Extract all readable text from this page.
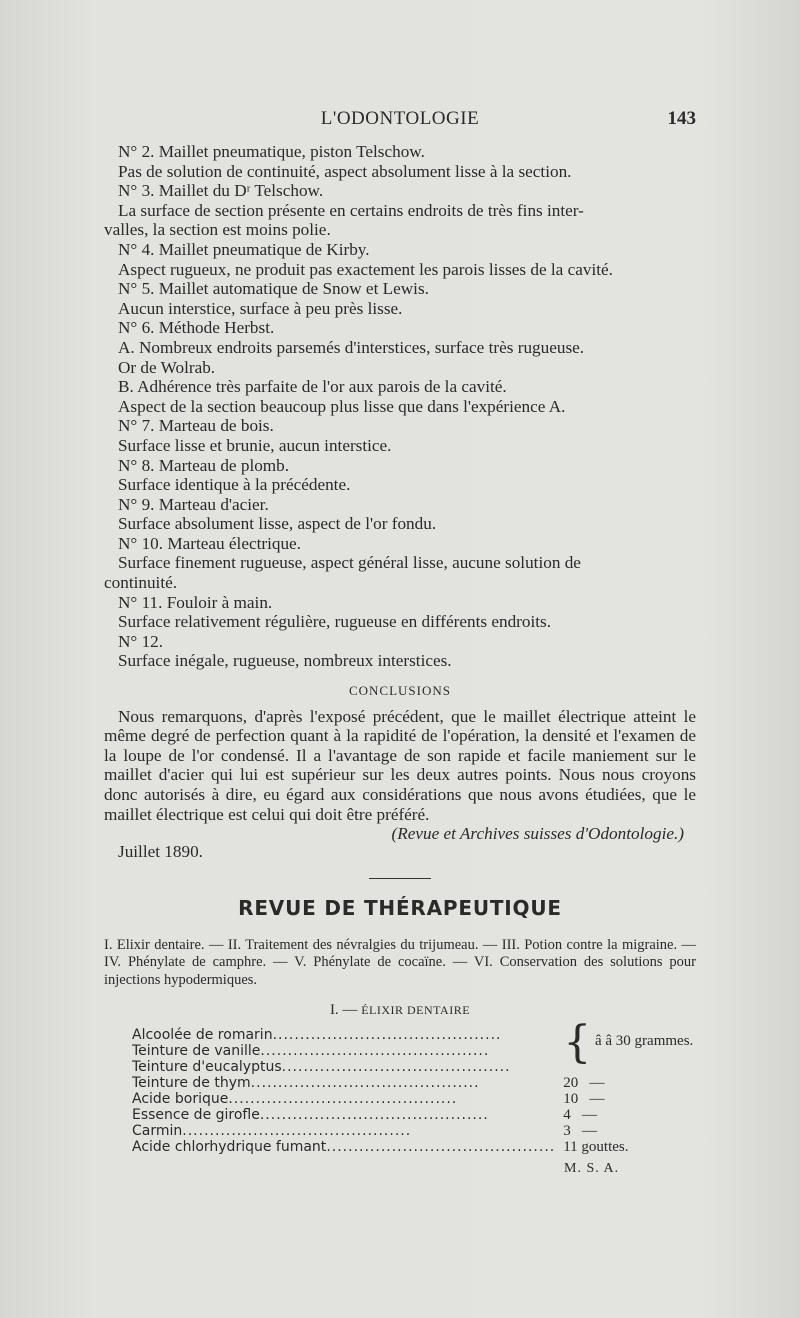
L'ODONTOLOGIE	143
N° 2. Maillet pneumatique, piston Telschow.
Pas de solution de continuité, aspect absolument lisse à la section.
N° 3. Maillet du Dʳ Telschow.
La surface de section présente en certains endroits de très fins inter-
valles, la section est moins polie.
N° 4. Maillet pneumatique de Kirby.
Aspect rugueux, ne produit pas exactement les parois lisses de la cavité.
N° 5. Maillet automatique de Snow et Lewis.
Aucun interstice, surface à peu près lisse.
N° 6. Méthode Herbst.
A. Nombreux endroits parsemés d'interstices, surface très rugueuse.
Or de Wolrab.
B. Adhérence très parfaite de l'or aux parois de la cavité.
Aspect de la section beaucoup plus lisse que dans l'expérience A.
N° 7. Marteau de bois.
Surface lisse et brunie, aucun interstice.
N° 8. Marteau de plomb.
Surface identique à la précédente.
N° 9. Marteau d'acier.
Surface absolument lisse, aspect de l'or fondu.
N° 10. Marteau électrique.
Surface finement rugueuse, aspect général lisse, aucune solution de
continuité.
N° 11. Fouloir à main.
Surface relativement régulière, rugueuse en différents endroits.
N° 12.
Surface inégale, rugueuse, nombreux interstices.
CONCLUSIONS
Nous remarquons, d'après l'exposé précédent, que le maillet électrique atteint le même degré de perfection quant à la rapidité de l'opération, la densité et l'examen de la loupe de l'or condensé. Il a l'avantage de son rapide et facile maniement sur le maillet d'acier qui lui est supérieur sur les deux autres points. Nous nous croyons donc autorisés à dire, eu égard aux considérations que nous avons étudiées, que le maillet électrique est celui qui doit être préféré.
(Revue et Archives suisses d'Odontologie.)
Juillet 1890.
REVUE DE THÉRAPEUTIQUE
I. Elixir dentaire. — II. Traitement des névralgies du trijumeau. — III. Potion contre la migraine. — IV. Phénylate de camphre. — V. Phénylate de cocaïne. — VI. Conservation des solutions pour injections hypodermiques.
I. — ÉLIXIR DENTAIRE
Alcoolée de romarin..........................................	{ â â 30 grammes.
Teinture de vanille..........................................	
Teinture d'eucalyptus..........................................	
Teinture de thym..........................................	20   —
Acide borique..........................................	10   —
Essence de girofle..........................................	4   —
Carmin..........................................	3   —
Acide chlorhydrique fumant..........................................	11 gouttes.
M. S. A.
